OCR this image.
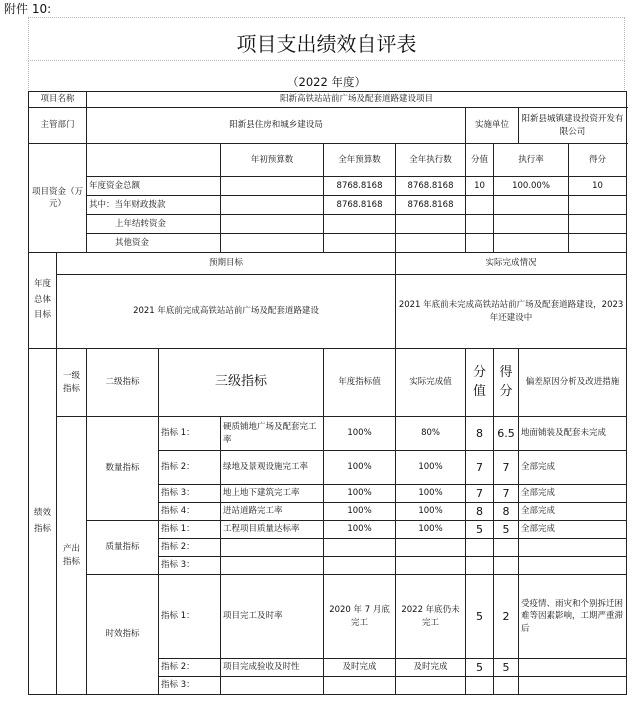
附件 10:
项目支出绩效自评表
（2022 年度）
项目名称		阳新高铁站站前广场及配套道路建设项目								
主管部门		阳新县住房和城乡建设局					实施单位		阳新县城镇建设投资开发有限公司	
项目资金（万元）				年初预算数	全年预算数	全年执行数	分值	执行率		得分
		年度资金总额			8768.8168	8768.8168	10	100.00%		10
		其中：当年财政拨款			8768.8168	8768.8168				
		上年结转资金								
		其他资金								
年度总体目标	预期目标					实际完成情况				
	2021 年底前完成高铁站站前广场及配套道路建设					2021 年底前未完成高铁站站前广场及配套道路建设，2023 年还建设中				
绩效指标	一级指标	二级指标	三级指标		年度指标值	实际完成值	分值	得分	偏差原因分析及改进措施	
	产出指标	数量指标	指标 1：	硬质铺地广场及配套完工率	100%	80%	8	6.5	地面铺装及配套未完成	
			指标 2：	绿地及景观设施完工率	100%	100%	7	7	全部完成	
			指标 3：	地上地下建筑完工率	100%	100%	7	7	全部完成	
			指标 4：	进站道路完工率	100%	100%	8	8	全部完成	
		质量指标	指标 1：	工程项目质量达标率	100%	100%	5	5	全部完成	
			指标 2：							
			指标 3：							
		时效指标	指标 1：	项目完工及时率	2020 年 7 月底完工	2022 年底仍未完工	5	2	受疫情、雨灾和个别拆迁困难等因素影响，工期严重滞后	
			指标 2：	项目完成验收及时性	及时完成	及时完成	5	5		
			指标 3：							
